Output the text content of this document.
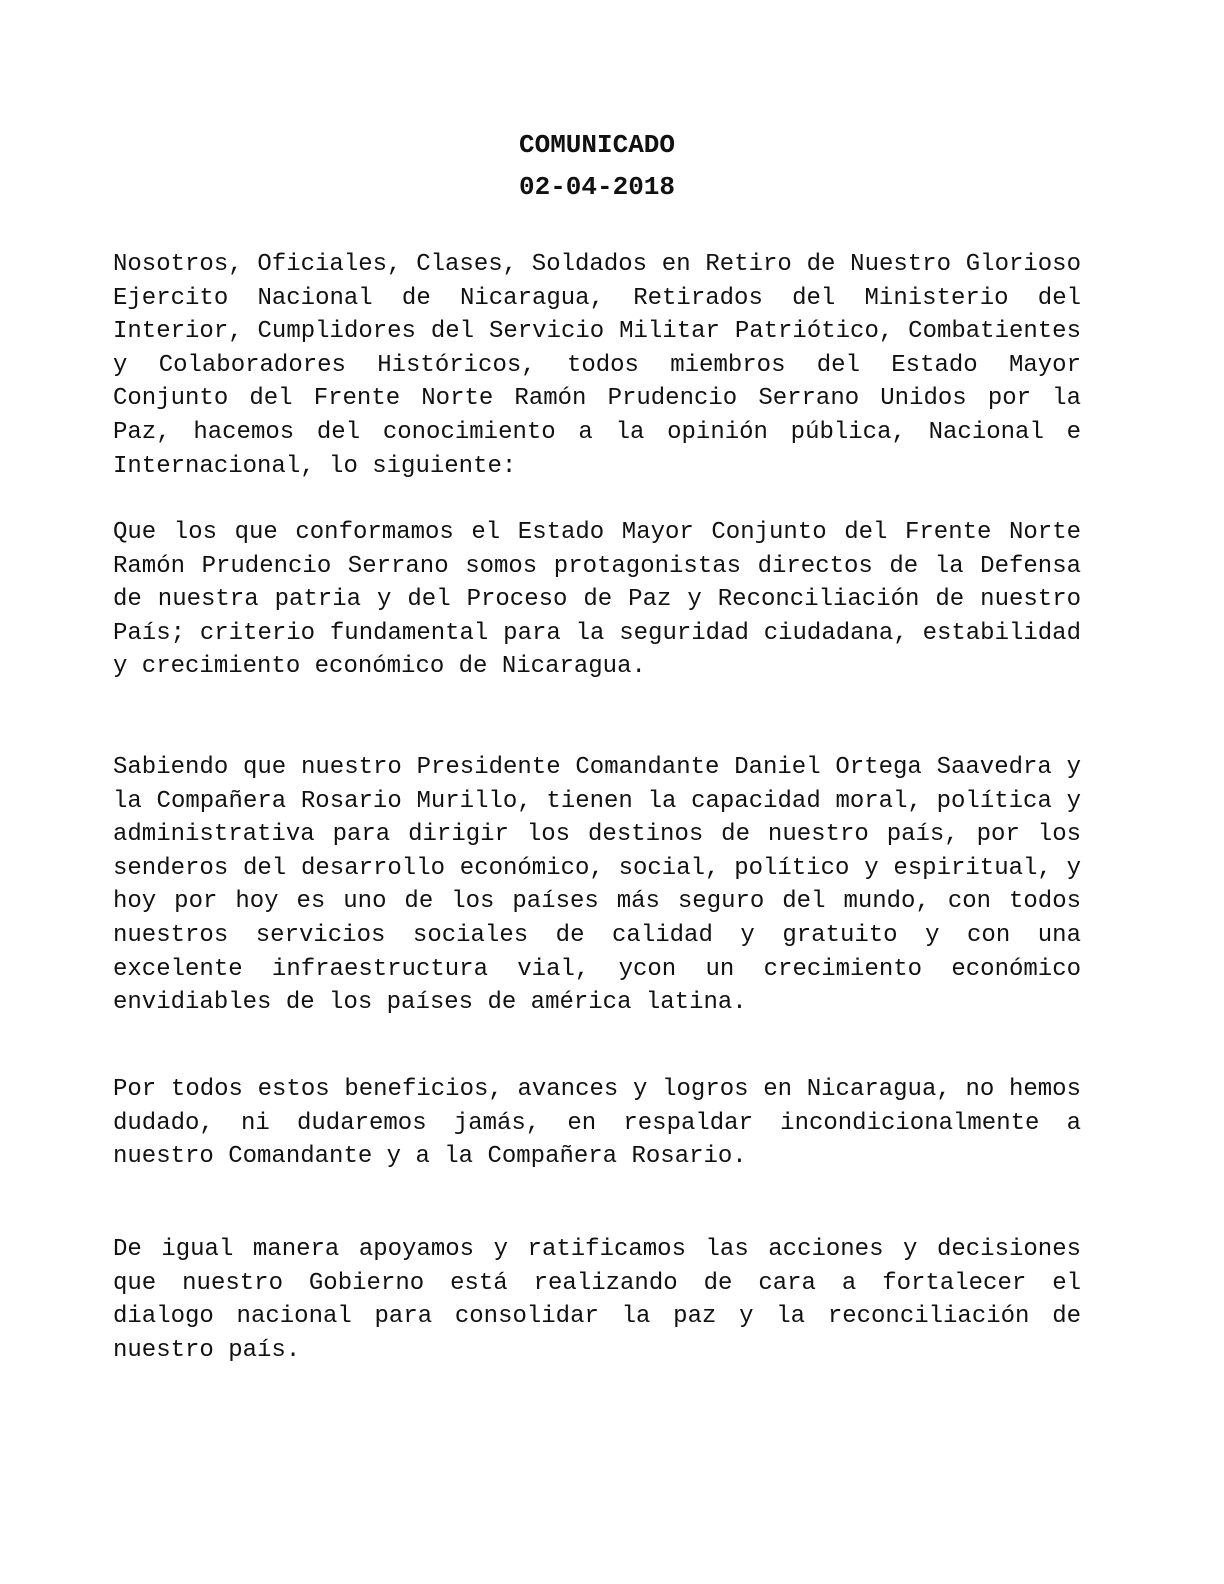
COMUNICADO
02-04-2018

Nosotros, Oficiales, Clases, Soldados en Retiro de Nuestro Glorioso Ejercito Nacional de Nicaragua, Retirados del Ministerio del Interior, Cumplidores del Servicio Militar Patriótico, Combatientes y Colaboradores Históricos, todos miembros del Estado Mayor Conjunto del Frente Norte Ramón Prudencio Serrano Unidos por la Paz, hacemos del conocimiento a la opinión pública, Nacional e Internacional, lo siguiente:

Que los que conformamos el Estado Mayor Conjunto del Frente Norte Ramón Prudencio Serrano somos protagonistas directos de la Defensa de nuestra patria y del Proceso de Paz y Reconciliación de nuestro País; criterio fundamental para la seguridad ciudadana, estabilidad y crecimiento económico de Nicaragua.

Sabiendo que nuestro Presidente Comandante Daniel Ortega Saavedra y la Compañera Rosario Murillo, tienen la capacidad moral, política y administrativa para dirigir los destinos de nuestro país, por los senderos del desarrollo económico, social, político y espiritual, y hoy por hoy es uno de los países más seguro del mundo, con todos nuestros servicios sociales de calidad y gratuito y con una excelente infraestructura vial, ycon un crecimiento económico envidiables de los países de américa latina.

Por todos estos beneficios, avances y logros en Nicaragua, no hemos dudado, ni dudaremos jamás, en respaldar incondicionalmente a nuestro Comandante y a la Compañera Rosario.

De igual manera apoyamos y ratificamos las acciones y decisiones que nuestro Gobierno está realizando de cara a fortalecer el dialogo nacional para consolidar la paz y la reconciliación de nuestro país.
